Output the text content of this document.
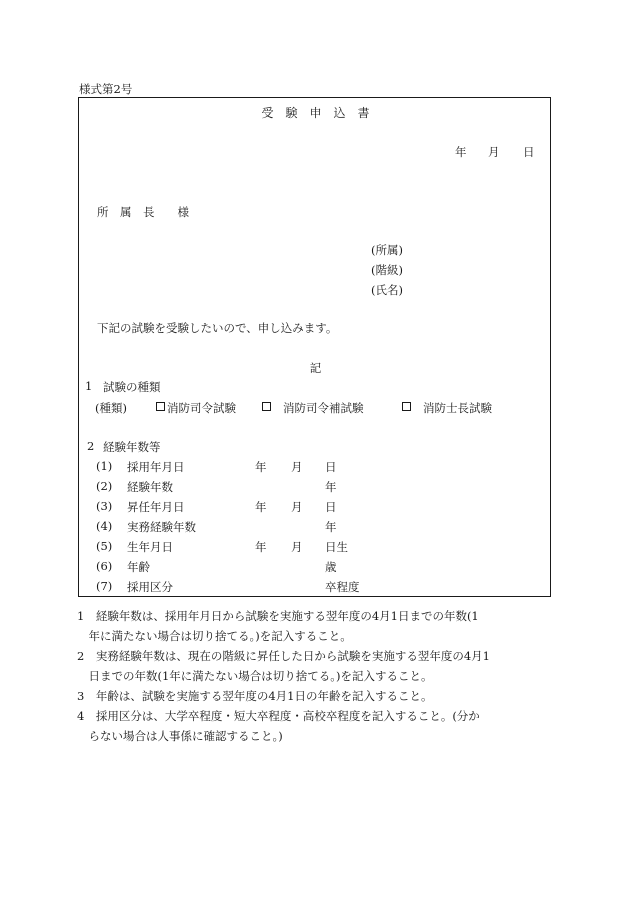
様式第2号
受　験　申　込　書
年 月 日
所　属　長　　様
(所属)
(階級)
(氏名)
下記の試験を受験したいので、申し込みます。
記
1 試験の種類
(種類)	消防司令試験	消防司令補試験	消防士長試験
2 経験年数等
(1) 採用年月日	年 月 日
(2) 経験年数	年
(3) 昇任年月日	年 月 日
(4) 実務経験年数	年
(5) 生年月日	年 月 日生
(6) 年齢	歳
(7) 採用区分	卒程度
1　経験年数は、採用年月日から試験を実施する翌年度の4月1日までの年数(1
　年に満たない場合は切り捨てる。)を記入すること。
2　実務経験年数は、現在の階級に昇任した日から試験を実施する翌年度の4月1
　日までの年数(1年に満たない場合は切り捨てる。)を記入すること。
3　年齢は、試験を実施する翌年度の4月1日の年齢を記入すること。
4　採用区分は、大学卒程度・短大卒程度・高校卒程度を記入すること。(分か
　らない場合は人事係に確認すること。)
